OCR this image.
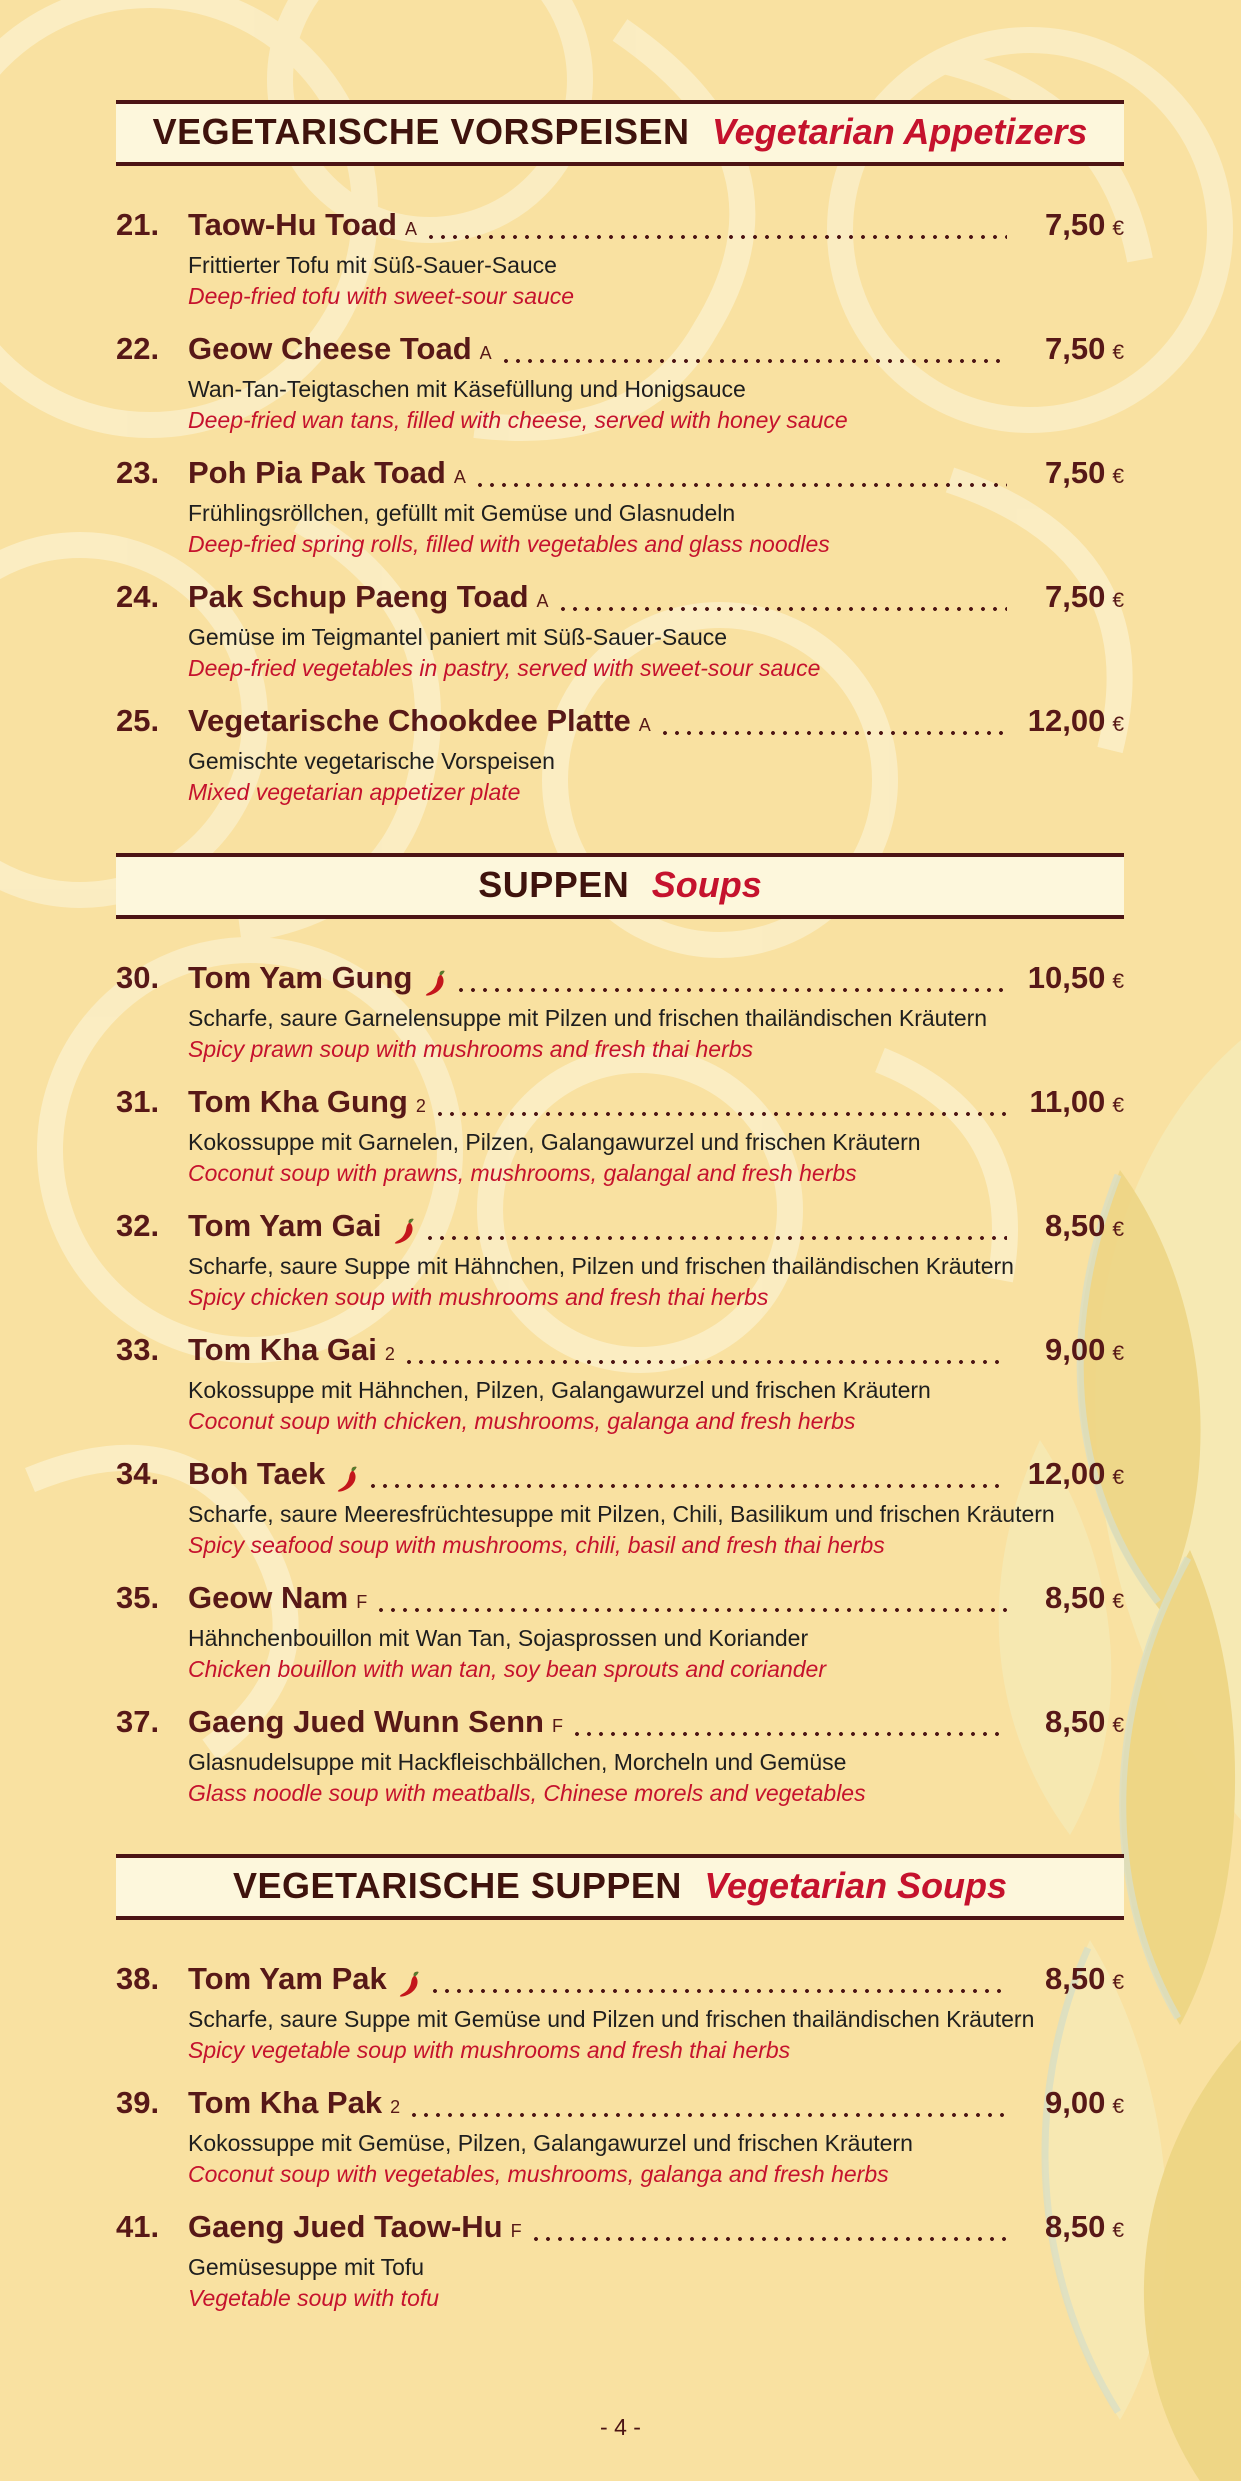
VEGETARISCHE VORSPEISEN Vegetarian Appetizers
21. Taow-Hu Toad A	7,50 €
Frittierter Tofu mit Süß-Sauer-Sauce
Deep-fried tofu with sweet-sour sauce
22. Geow Cheese Toad A	7,50 €
Wan-Tan-Teigtaschen mit Käsefüllung und Honigsauce
Deep-fried wan tans, filled with cheese, served with honey sauce
23. Poh Pia Pak Toad A	7,50 €
Frühlingsröllchen, gefüllt mit Gemüse und Glasnudeln
Deep-fried spring rolls, filled with vegetables and glass noodles
24. Pak Schup Paeng Toad A	7,50 €
Gemüse im Teigmantel paniert mit Süß-Sauer-Sauce
Deep-fried vegetables in pastry, served with sweet-sour sauce
25. Vegetarische Chookdee Platte A	12,00 €
Gemischte vegetarische Vorspeisen
Mixed vegetarian appetizer plate
SUPPEN Soups
30. Tom Yam Gung	10,50 €
Scharfe, saure Garnelensuppe mit Pilzen und frischen thailändischen Kräutern
Spicy prawn soup with mushrooms and fresh thai herbs
31. Tom Kha Gung 2	11,00 €
Kokossuppe mit Garnelen, Pilzen, Galangawurzel und frischen Kräutern
Coconut soup with prawns, mushrooms, galangal and fresh herbs
32. Tom Yam Gai	8,50 €
Scharfe, saure Suppe mit Hähnchen, Pilzen und frischen thailändischen Kräutern
Spicy chicken soup with mushrooms and fresh thai herbs
33. Tom Kha Gai 2	9,00 €
Kokossuppe mit Hähnchen, Pilzen, Galangawurzel und frischen Kräutern
Coconut soup with chicken, mushrooms, galanga and fresh herbs
34. Boh Taek	12,00 €
Scharfe, saure Meeresfrüchtesuppe mit Pilzen, Chili, Basilikum und frischen Kräutern
Spicy seafood soup with mushrooms, chili, basil and fresh thai herbs
35. Geow Nam F	8,50 €
Hähnchenbouillon mit Wan Tan, Sojasprossen und Koriander
Chicken bouillon with wan tan, soy bean sprouts and coriander
37. Gaeng Jued Wunn Senn F	8,50 €
Glasnudelsuppe mit Hackfleischbällchen, Morcheln und Gemüse
Glass noodle soup with meatballs, Chinese morels and vegetables
VEGETARISCHE SUPPEN Vegetarian Soups
38. Tom Yam Pak	8,50 €
Scharfe, saure Suppe mit Gemüse und Pilzen und frischen thailändischen Kräutern
Spicy vegetable soup with mushrooms and fresh thai herbs
39. Tom Kha Pak 2	9,00 €
Kokossuppe mit Gemüse, Pilzen, Galangawurzel und frischen Kräutern
Coconut soup with vegetables, mushrooms, galanga and fresh herbs
41. Gaeng Jued Taow-Hu F	8,50 €
Gemüsesuppe mit Tofu
Vegetable soup with tofu
- 4 -
